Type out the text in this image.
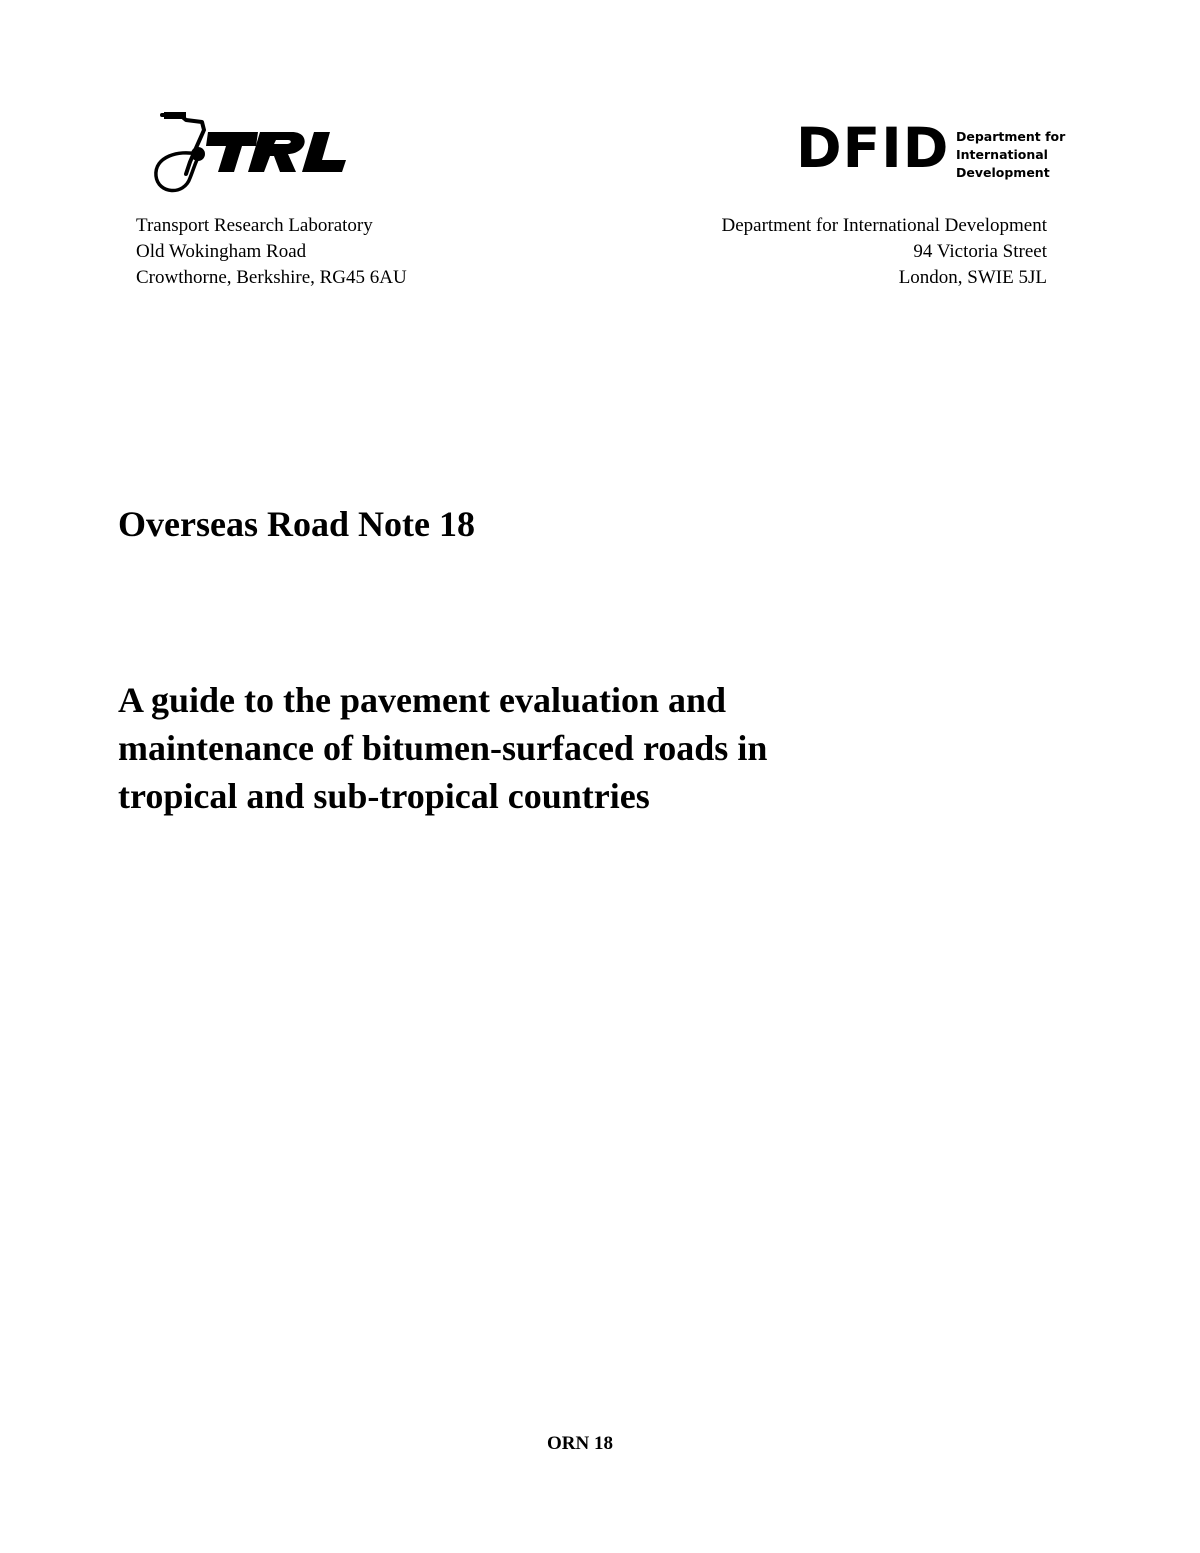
DFID Department for
International
Development
Transport Research Laboratory
Old Wokingham Road
Crowthorne, Berkshire, RG45 6AU
Department for International Development
94 Victoria Street
London, SWIE 5JL
Overseas Road Note 18
A guide to the pavement evaluation and
maintenance of bitumen-surfaced roads in
tropical and sub-tropical countries
ORN 18
